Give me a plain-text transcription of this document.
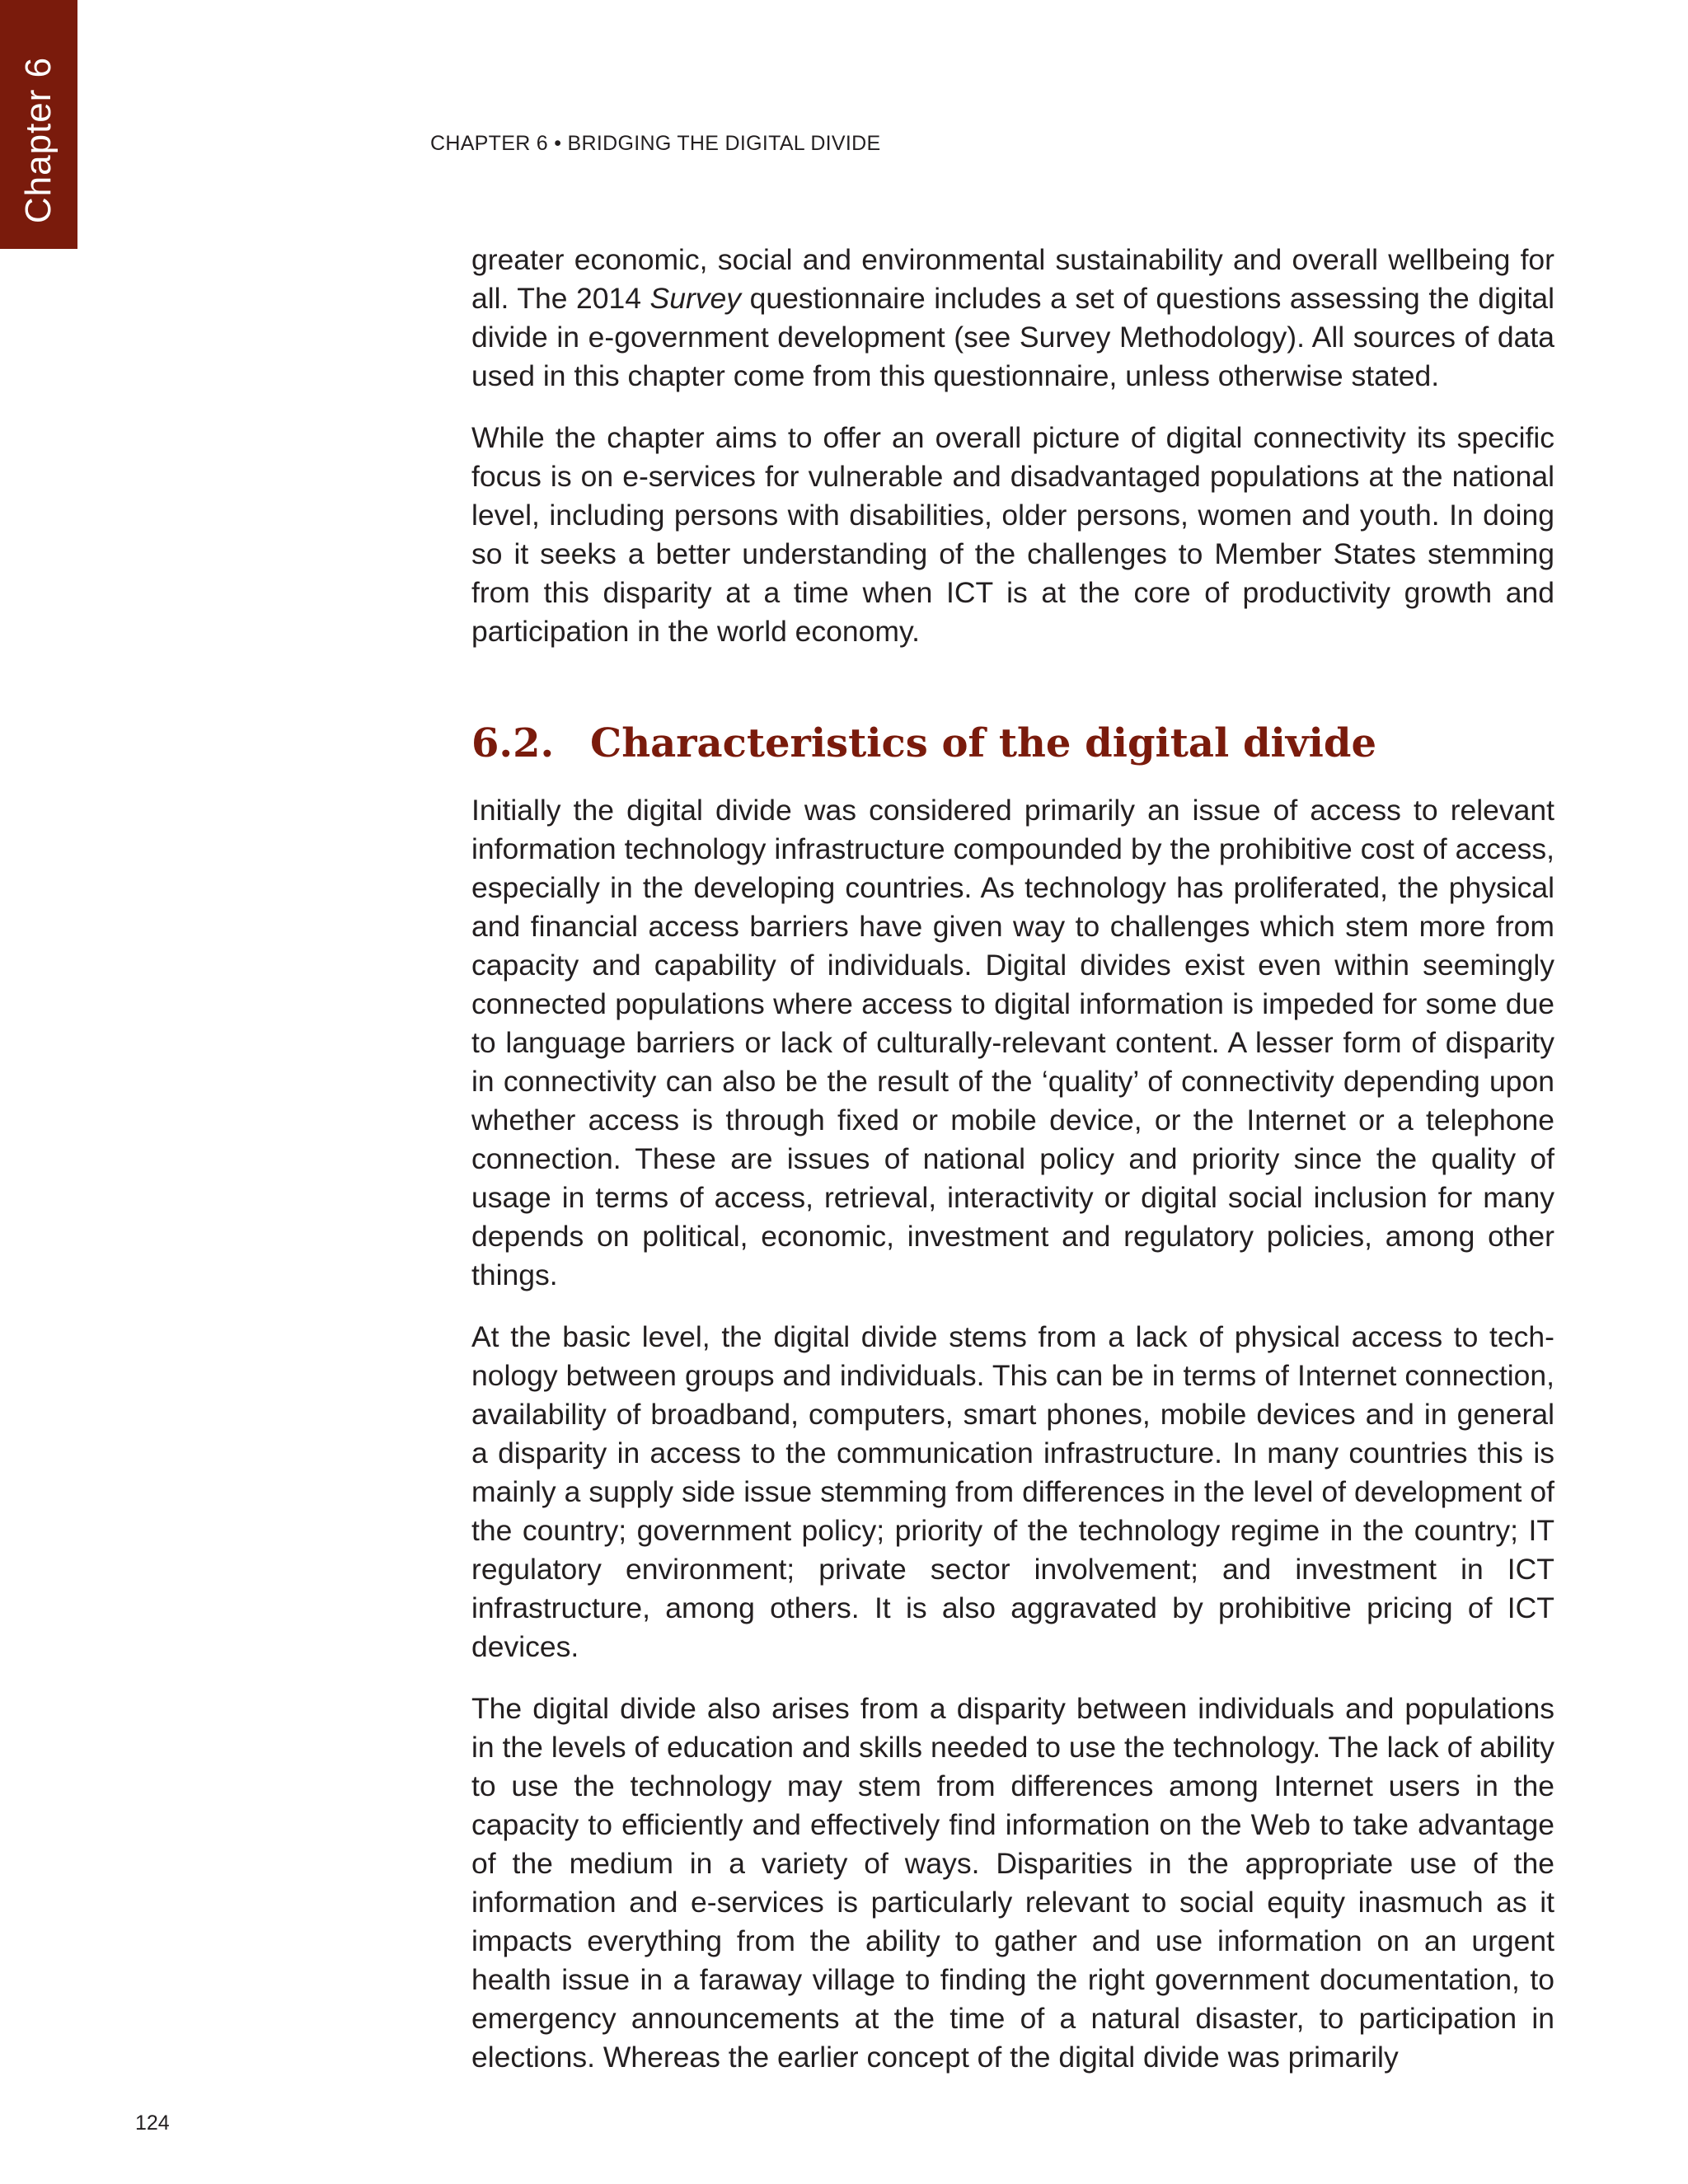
Chapter 6	CHAPTER 6 • BRIDGING THE DIGITAL DIVIDE

greater economic, social and environmental sustainability and overall wellbeing for all. The 2014 Survey questionnaire includes a set of questions assessing the digital divide in e-government development (see Survey Methodology). All sources of data used in this chapter come from this questionnaire, unless otherwise stated.

While the chapter aims to offer an overall picture of digital connectivity its specific focus is on e-services for vulnerable and disadvantaged populations at the national level, including persons with disabilities, older persons, women and youth. In doing so it seeks a better understanding of the challenges to Member States stemming from this disparity at a time when ICT is at the core of productivity growth and participation in the world economy.

6.2. Characteristics of the digital divide

Initially the digital divide was considered primarily an issue of access to relevant information technology infrastructure compounded by the prohibitive cost of access, especially in the developing countries. As technology has proliferated, the physical and financial access barriers have given way to challenges which stem more from capacity and capability of individuals. Digital divides exist even within seemingly connected populations where access to digital information is impeded for some due to language barriers or lack of culturally-relevant content. A lesser form of disparity in connectivity can also be the result of the ‘quality’ of connectivity depending upon whether access is through fixed or mobile device, or the Internet or a telephone connection. These are issues of national policy and priority since the quality of usage in terms of access, retrieval, interactivity or digital social inclusion for many depends on political, economic, investment and regulatory policies, among other things.

At the basic level, the digital divide stems from a lack of physical access to technology between groups and individuals. This can be in terms of Internet connection, availability of broadband, computers, smart phones, mobile devices and in general a disparity in access to the communication infrastructure. In many countries this is mainly a supply side issue stemming from differences in the level of development of the country; government policy; priority of the technology regime in the country; IT regulatory environment; private sector involvement; and investment in ICT infrastructure, among others. It is also aggravated by prohibitive pricing of ICT devices.

The digital divide also arises from a disparity between individuals and populations in the levels of education and skills needed to use the technology. The lack of ability to use the technology may stem from differences among Internet users in the capacity to efficiently and effectively find information on the Web to take advantage of the medium in a variety of ways. Disparities in the appropriate use of the information and e-services is particularly relevant to social equity inasmuch as it impacts everything from the ability to gather and use information on an urgent health issue in a faraway village to finding the right government documentation, to emergency announcements at the time of a natural disaster, to participation in elections. Whereas the earlier concept of the digital divide was primarily

124
